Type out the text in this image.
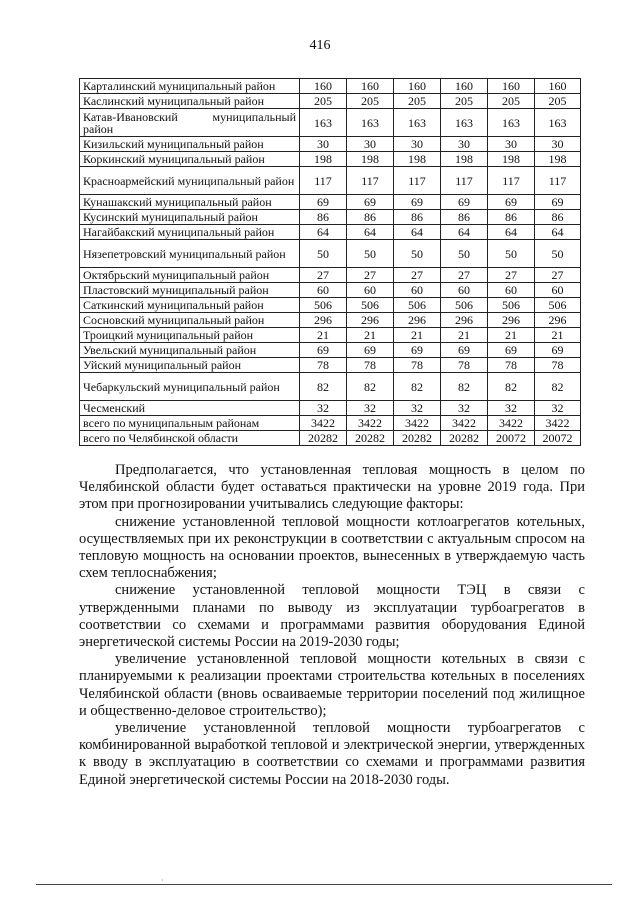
416
Карталинский муниципальный район	160	160	160	160	160	160
Каслинский муниципальный район	205	205	205	205	205	205
Катав-Ивановский муниципальный район	163	163	163	163	163	163
Кизильский муниципальный район	30	30	30	30	30	30
Коркинский муниципальный район	198	198	198	198	198	198
Красноармейский муниципальный район	117	117	117	117	117	117
Кунашакский муниципальный район	69	69	69	69	69	69
Кусинский муниципальный район	86	86	86	86	86	86
Нагайбакский муниципальный район	64	64	64	64	64	64
Нязепетровский муниципальный район	50	50	50	50	50	50
Октябрьский муниципальный район	27	27	27	27	27	27
Пластовский муниципальный район	60	60	60	60	60	60
Саткинский муниципальный район	506	506	506	506	506	506
Сосновский муниципальный район	296	296	296	296	296	296
Троицкий муниципальный район	21	21	21	21	21	21
Увельский муниципальный район	69	69	69	69	69	69
Уйский муниципальный район	78	78	78	78	78	78
Чебаркульский муниципальный район	82	82	82	82	82	82
Чесменский	32	32	32	32	32	32
всего по муниципальным районам	3422	3422	3422	3422	3422	3422
всего по Челябинской области	20282	20282	20282	20282	20072	20072

Предполагается, что установленная тепловая мощность в целом по Челябинской области будет оставаться практически на уровне 2019 года. При этом при прогнозировании учитывались следующие факторы:

снижение установленной тепловой мощности котлоагрегатов котельных, осуществляемых при их реконструкции в соответствии с актуальным спросом на тепловую мощность на основании проектов, вынесенных в утверждаемую часть схем теплоснабжения;

снижение установленной тепловой мощности ТЭЦ в связи с утвержденными планами по выводу из эксплуатации турбоагрегатов в соответствии со схемами и программами развития оборудования Единой энергетической системы России на 2019-2030 годы;

увеличение установленной тепловой мощности котельных в связи с планируемыми к реализации проектами строительства котельных в поселениях Челябинской области (вновь осваиваемые территории поселений под жилищное и общественно-деловое строительство);

увеличение установленной тепловой мощности турбоагрегатов с комбинированной выработкой тепловой и электрической энергии, утвержденных к вводу в эксплуатацию в соответствии со схемами и программами развития Единой энергетической системы России на 2018-2030 годы.

·
